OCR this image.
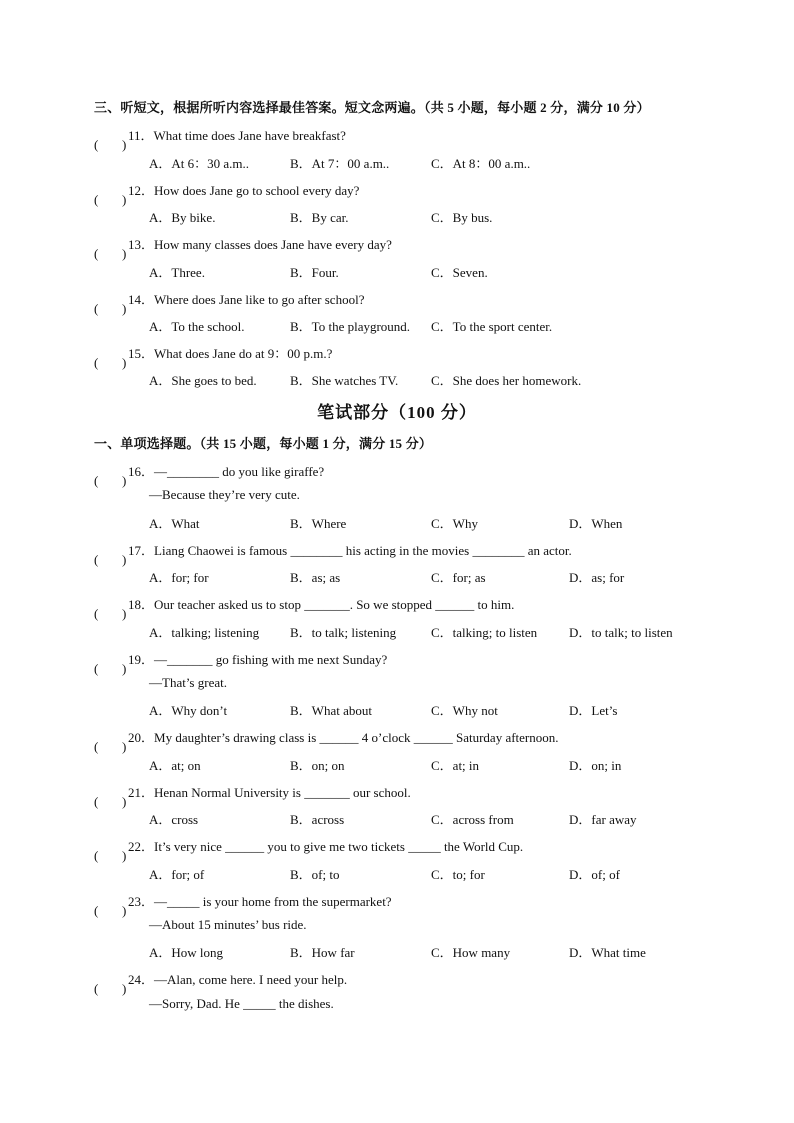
三、听短文，根据所听内容选择最佳答案。短文念两遍。（共 5 小题，每小题 2 分，满分 10 分）
( )
11．What time does Jane have breakfast?
A．At 6：30 a.m..	B．At 7：00 a.m..	C．At 8：00 a.m..
( )
12．How does Jane go to school every day?
A．By bike.	B．By car.	C．By bus.
( )
13．How many classes does Jane have every day?
A．Three.	B．Four.	C．Seven.
( )
14．Where does Jane like to go after school?
A．To the school.	B．To the playground. C．To the sport center.
( )
15．What does Jane do at 9：00 p.m.?
A．She goes to bed.	B．She watches TV.	C．She does her homework.
笔试部分（100 分）
一、单项选择题。（共 15 小题，每小题 1 分，满分 15 分）
( )
16．—________ do you like giraffe?
—Because they’re very cute.
A．What	B．Where	C．Why	D．When
( )
17．Liang Chaowei is famous ________ his acting in the movies ________ an actor.
A．for; for	B．as; as	C．for; as	D．as; for
( )
18．Our teacher asked us to stop _______. So we stopped ______ to him.
A．talking; listening B．to talk; listening	C．talking; to listen D．to talk; to listen
( )
19．—_______ go fishing with me next Sunday?
—That’s great.
A．Why don’t	B．What about	C．Why not	D．Let’s
( )
20．My daughter’s drawing class is ______ 4 o’clock ______ Saturday afternoon.
A．at; on	B．on; on	C．at; in	D．on; in
( )
21．Henan Normal University is _______ our school.
A．cross	B．across	C．across from	D．far away
( )
22．It’s very nice ______ you to give me two tickets _____ the World Cup.
A．for; of	B．of; to	C．to; for	D．of; of
( )
23．—_____ is your home from the supermarket?
—About 15 minutes’ bus ride.
A．How long	B．How far	C．How many	D．What time
( )
24．—Alan, come here. I need your help.
—Sorry, Dad. He _____ the dishes.
